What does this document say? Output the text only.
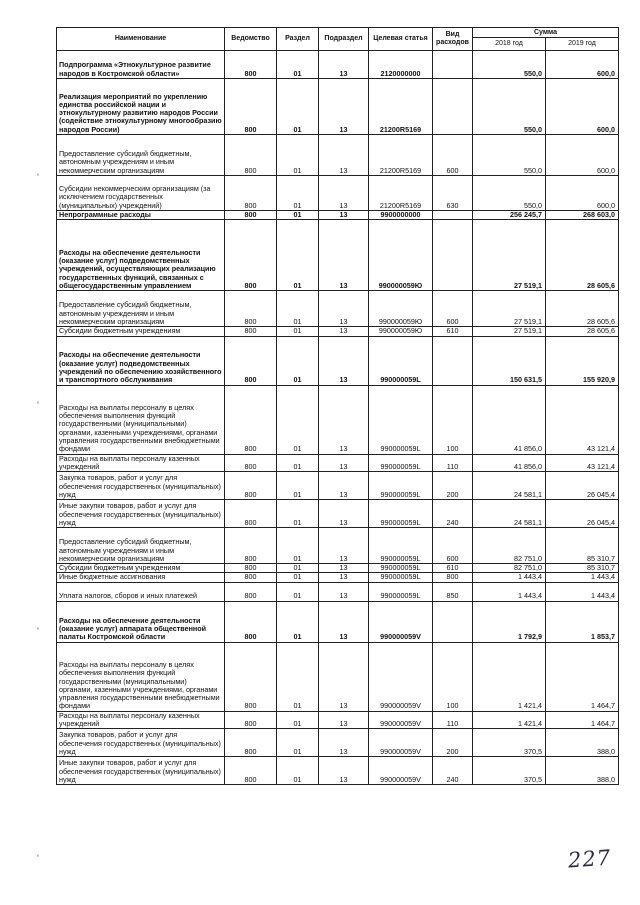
Наименование	Ведомство	Раздел	Подраздел	Целевая статья	Вид расходов	Сумма	
						2018 год	2019 год
Подпрограмма «Этнокультурное развитие народов в Костромской области»	800	01	13	2120000000		550,0	600,0
Реализация мероприятий по укреплению единства российской нации и этнокультурному развитию народов России (содействие этнокультурному многообразию народов России)	800	01	13	21200R5169		550,0	600,0
Предоставление субсидий бюджетным, автономным учреждениям и иным некоммерческим организациям	800	01	13	21200R5169	600	550,0	600,0
Субсидии некоммерческим организациям (за исключением государственных (муниципальных) учреждений)	800	01	13	21200R5169	630	550,0	600,0
Непрограммные расходы	800	01	13	9900000000		256 245,7	268 603,0
Расходы на обеспечение деятельности (оказание услуг) подведомственных учреждений, осуществляющих реализацию государственных функций, связанных с общегосударственным управлением	800	01	13	990000059Ю		27 519,1	28 605,6
Предоставление субсидий бюджетным, автономным учреждениям и иным некоммерческим организациям	800	01	13	990000059Ю	600	27 519,1	28 605,6
Субсидии бюджетным учреждениям	800	01	13	990000059Ю	610	27 519,1	28 605,6
Расходы на обеспечение деятельности (оказание услуг) подведомственных учреждений по обеспечению хозяйственного и транспортного обслуживания	800	01	13	990000059L		150 631,5	155 920,9
Расходы на выплаты персоналу в целях обеспечения выполнения функций государственными (муниципальными) органами, казенными учреждениями, органами управления государственными внебюджетными фондами	800	01	13	990000059L	100	41 856,0	43 121,4
Расходы на выплаты персоналу казенных учреждений	800	01	13	990000059L	110	41 856,0	43 121,4
Закупка товаров, работ и услуг для обеспечения государственных (муниципальных) нужд	800	01	13	990000059L	200	24 581,1	26 045,4
Иные закупки товаров, работ и услуг для обеспечения государственных (муниципальных) нужд	800	01	13	990000059L	240	24 581,1	26 045,4
Предоставление субсидий бюджетным, автономным учреждениям и иным некоммерческим организациям	800	01	13	990000059L	600	82 751,0	85 310,7
Субсидии бюджетным учреждениям	800	01	13	990000059L	610	82 751,0	85 310,7
Иные бюджетные ассигнования	800	01	13	990000059L	800	1 443,4	1 443,4
Уплата налогов, сборов и иных платежей	800	01	13	990000059L	850	1 443,4	1 443,4
Расходы на обеспечение деятельности (оказание услуг) аппарата общественной палаты Костромской области	800	01	13	990000059V		1 792,9	1 853,7
Расходы на выплаты персоналу в целях обеспечения выполнения функций государственными (муниципальными) органами, казенными учреждениями, органами управления государственными внебюджетными фондами	800	01	13	990000059V	100	1 421,4	1 464,7
Расходы на выплаты персоналу казенных учреждений	800	01	13	990000059V	110	1 421,4	1 464,7
Закупка товаров, работ и услуг для обеспечения государственных (муниципальных) нужд	800	01	13	990000059V	200	370,5	388,0
Иные закупки товаров, работ и услуг для обеспечения государственных (муниципальных) нужд	800	01	13	990000059V	240	370,5	388,0
‘
‘
‘
‘	227
